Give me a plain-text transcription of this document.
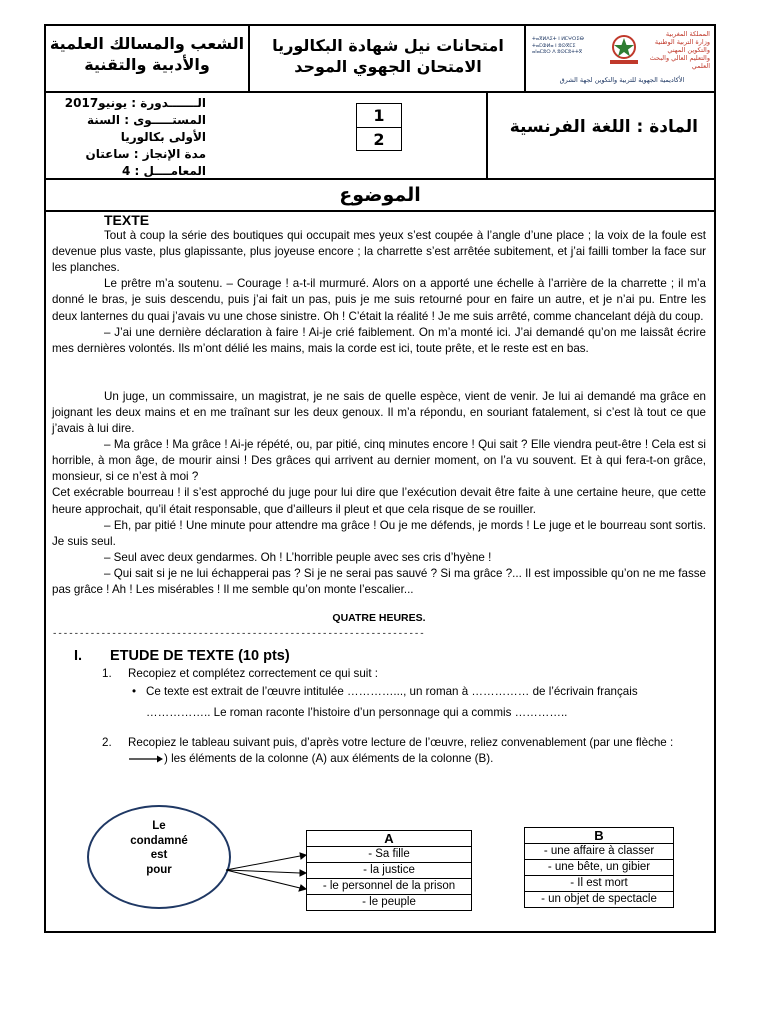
المملكة المغربية
وزارة التربية الوطنية
والتكوين المهني
والتعليم العالي والبحث العلمي
ⵜⴰⴳⵍⴷⵉⵜ ⵏ ⵍⵎⵖⵔⵉⴱ
ⵜⴰⵎⵀⵍⴰ ⵏ ⵓⵙⴳⵎⵉ
ⴰⵏⴰⵎⵓⵔ ⴷ ⵓⵙⵎⵓⵜⵜⴳ
الأكاديمية الجهوية للتربية والتكوين لجهة الشرق
امتحانات نيل شهادة البكالوريا
الامتحان الجهوي الموحد
الشعب والمسالك العلمية
والأدبية والتقنية
الـــــــدورة : يونيو2017
المستـــــوى : السنة الأولى بكالوريا
مدة الإنجاز : ساعتان
المعامــــل : 4
1
2
المادة : اللغة الفرنسية
الموضوع
TEXTE

Tout à coup la série des boutiques qui occupait mes yeux s’est coupée à l’angle d’une place ; la voix de la foule est devenue plus vaste, plus glapissante, plus joyeuse encore ; la charrette s’est arrêtée subitement, et j’ai failli tomber la face sur les planches.

Le prêtre m’a soutenu. – Courage ! a-t-il murmuré. Alors on a apporté une échelle à l’arrière de la charrette ; il m’a donné le bras, je suis descendu, puis j’ai fait un pas, puis je me suis retourné pour en faire un autre, et je n’ai pu. Entre les deux lanternes du quai j’avais vu une chose sinistre. Oh ! C’était la réalité ! Je me suis arrêté, comme chancelant déjà du coup.

– J’ai une dernière déclaration à faire ! Ai-je crié faiblement. On m’a monté ici. J’ai demandé qu’on me laissât écrire mes dernières volontés. Ils m’ont délié les mains, mais la corde est ici, toute prête, et le reste est en bas.

Un juge, un commissaire, un magistrat, je ne sais de quelle espèce, vient de venir. Je lui ai demandé ma grâce en joignant les deux mains et en me traînant sur les deux genoux. Il m’a répondu, en souriant fatalement, si c’est là tout ce que j’avais à lui dire.

– Ma grâce ! Ma grâce ! Ai-je répété, ou, par pitié, cinq minutes encore ! Qui sait ? Elle viendra peut-être ! Cela est si horrible, à mon âge, de mourir ainsi ! Des grâces qui arrivent au dernier moment, on l’a vu souvent. Et à qui fera-t-on grâce, monsieur, si ce n’est à moi ?

Cet exécrable bourreau ! il s’est approché du juge pour lui dire que l’exécution devait être faite à une certaine heure, que cette heure approchait, qu’il était responsable, que d’ailleurs il pleut et que cela risque de se rouiller.

– Eh, par pitié ! Une minute pour attendre ma grâce ! Ou je me défends, je mords ! Le juge et le bourreau sont sortis. Je suis seul.

– Seul avec deux gendarmes. Oh ! L’horrible peuple avec ses cris d’hyène !

– Qui sait si je ne lui échapperai pas ? Si je ne serai pas sauvé ? Si ma grâce ?... Il est impossible qu’on ne me fasse pas grâce ! Ah ! Les misérables ! Il me semble qu’on monte l’escalier...

QUATRE HEURES.
---------------------------------------------------------------------
I. ETUDE DE TEXTE (10 pts)
1. Recopiez et complétez correctement ce qui suit :
• Ce texte est extrait de l’œuvre intitulée …………..., un roman à …………… de l’écrivain français
…………….. Le roman raconte l’histoire d’un personnage qui a commis …………..
2. Recopiez le tableau suivant puis, d’après votre lecture de l’œuvre, reliez convenablement (par une flèche :
) les éléments de la colonne (A) aux éléments de la colonne (B).
Le
condamné
est
pour
A
- Sa fille
- la justice
- le personnel de la prison
- le peuple
B
- une affaire à classer
- une bête, un gibier
- Il est mort
- un objet de spectacle
